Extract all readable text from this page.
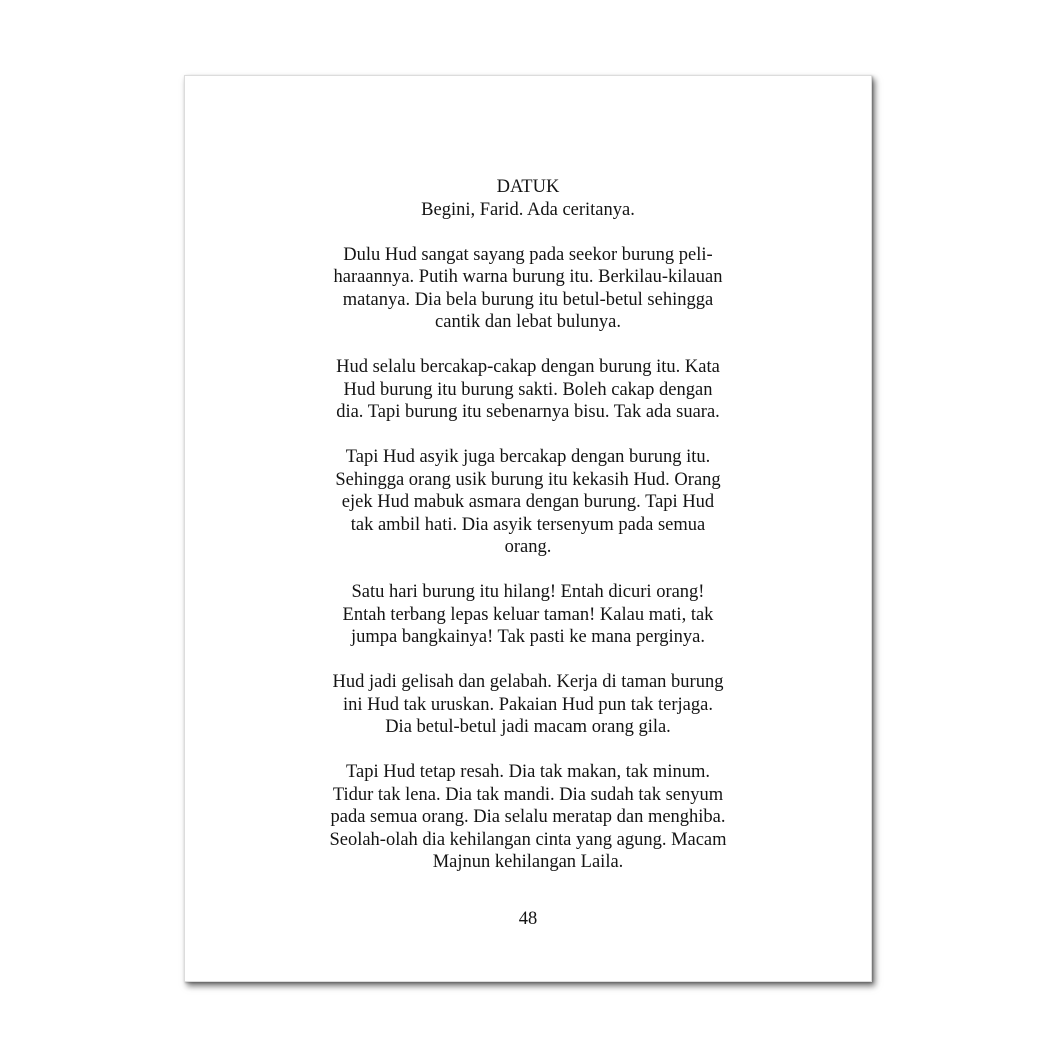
DATUK
Begini, Farid. Ada ceritanya.
Dulu Hud sangat sayang pada seekor burung peli-
haraannya. Putih warna burung itu. Berkilau-kilauan
matanya. Dia bela burung itu betul-betul sehingga
cantik dan lebat bulunya.
Hud selalu bercakap-cakap dengan burung itu. Kata
Hud burung itu burung sakti. Boleh cakap dengan
dia. Tapi burung itu sebenarnya bisu. Tak ada suara.
Tapi Hud asyik juga bercakap dengan burung itu.
Sehingga orang usik burung itu kekasih Hud. Orang
ejek Hud mabuk asmara dengan burung. Tapi Hud
tak ambil hati. Dia asyik tersenyum pada semua
orang.
Satu hari burung itu hilang! Entah dicuri orang!
Entah terbang lepas keluar taman! Kalau mati, tak
jumpa bangkainya! Tak pasti ke mana perginya.
Hud jadi gelisah dan gelabah. Kerja di taman burung
ini Hud tak uruskan. Pakaian Hud pun tak terjaga.
Dia betul-betul jadi macam orang gila.
Tapi Hud tetap resah. Dia tak makan, tak minum.
Tidur tak lena. Dia tak mandi. Dia sudah tak senyum
pada semua orang. Dia selalu meratap dan menghiba.
Seolah-olah dia kehilangan cinta yang agung. Macam
Majnun kehilangan Laila.
48
